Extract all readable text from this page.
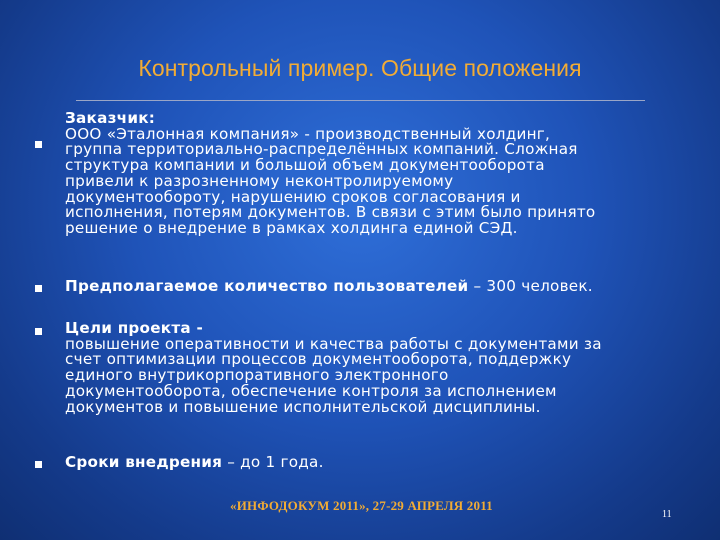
Контрольный пример. Общие положения
Заказчик:
ООО «Эталонная компания» - производственный холдинг,
группа территориально-распределённых компаний. Сложная
структура компании и большой объем документооборота
привели к разрозненному неконтролируемому
документообороту, нарушению сроков согласования и
исполнения, потерям документов. В связи с этим было принято
решение о внедрение в рамках холдинга единой СЭД.
Предполагаемое количество пользователей – 300 человек.
Цели проекта -
повышение оперативности и качества работы с документами за
счет оптимизации процессов документооборота, поддержку
единого внутрикорпоративного электронного
документооборота, обеспечение контроля за исполнением
документов и повышение исполнительской дисциплины.
Сроки внедрения – до 1 года.
«ИНФОДОКУМ 2011», 27-29 АПРЕЛЯ 2011
11
